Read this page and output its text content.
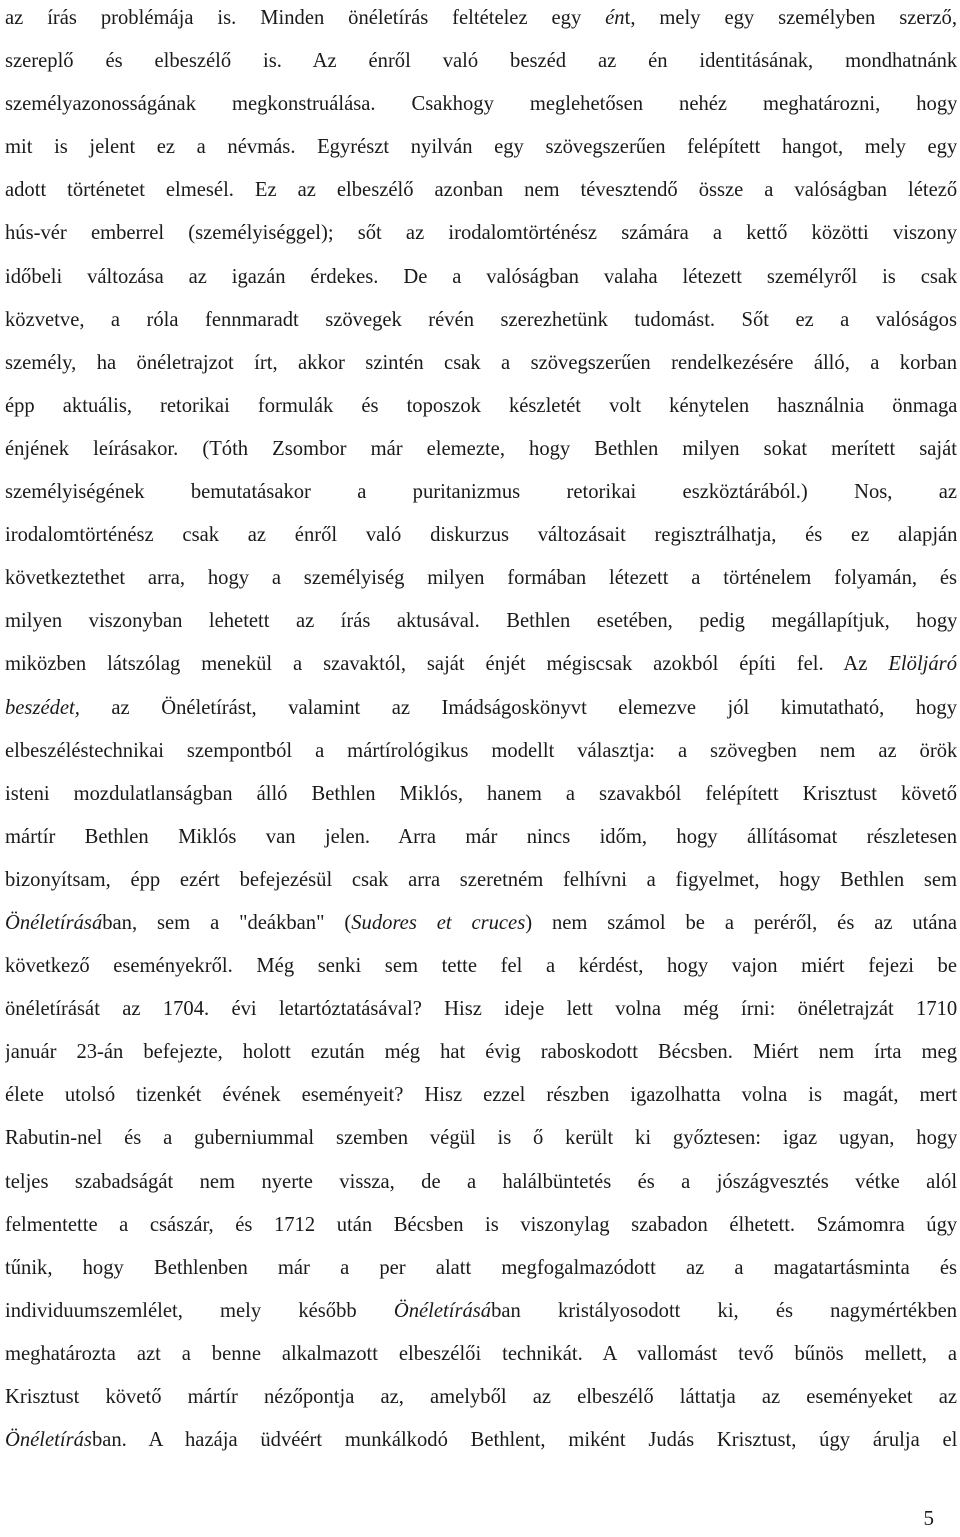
az írás problémája is. Minden önéletírás feltételez egy ént, mely egy személyben szerző,
szereplő és elbeszélő is. Az énről való beszéd az én identitásának, mondhatnánk
személyazonosságának megkonstruálása. Csakhogy meglehetősen nehéz meghatározni, hogy
mit is jelent ez a névmás. Egyrészt nyilván egy szövegszerűen felépített hangot, mely egy
adott történetet elmesél. Ez az elbeszélő azonban nem tévesztendő össze a valóságban létező
hús-vér emberrel (személyiséggel); sőt az irodalomtörténész számára a kettő közötti viszony
időbeli változása az igazán érdekes. De a valóságban valaha létezett személyről is csak
közvetve, a róla fennmaradt szövegek révén szerezhetünk tudomást. Sőt ez a valóságos
személy, ha önéletrajzot írt, akkor szintén csak a szövegszerűen rendelkezésére álló, a korban
épp aktuális, retorikai formulák és toposzok készletét volt kénytelen használnia önmaga
énjének leírásakor. (Tóth Zsombor már elemezte, hogy Bethlen milyen sokat merített saját
személyiségének bemutatásakor a puritanizmus retorikai eszköztárából.) Nos, az
irodalomtörténész csak az énről való diskurzus változásait regisztrálhatja, és ez alapján
következtethet arra, hogy a személyiség milyen formában létezett a történelem folyamán, és
milyen viszonyban lehetett az írás aktusával. Bethlen esetében, pedig megállapítjuk, hogy
miközben látszólag menekül a szavaktól, saját énjét mégiscsak azokból építi fel. Az Elöljáró
beszédet, az Önéletírást, valamint az Imádságoskönyvt elemezve jól kimutatható, hogy
elbeszéléstechnikai szempontból a mártírológikus modellt választja: a szövegben nem az örök
isteni mozdulatlanságban álló Bethlen Miklós, hanem a szavakból felépített Krisztust követő
mártír Bethlen Miklós van jelen. Arra már nincs időm, hogy állításomat részletesen
bizonyítsam, épp ezért befejezésül csak arra szeretném felhívni a figyelmet, hogy Bethlen sem
Önéletírásában, sem a "deákban" (Sudores et cruces) nem számol be a peréről, és az utána
következő eseményekről. Még senki sem tette fel a kérdést, hogy vajon miért fejezi be
önéletírását az 1704. évi letartóztatásával? Hisz ideje lett volna még írni: önéletrajzát 1710
január 23-án befejezte, holott ezután még hat évig raboskodott Bécsben. Miért nem írta meg
élete utolsó tizenkét évének eseményeit? Hisz ezzel részben igazolhatta volna is magát, mert
Rabutin-nel és a guberniummal szemben végül is ő került ki győztesen: igaz ugyan, hogy
teljes szabadságát nem nyerte vissza, de a halálbüntetés és a jószágvesztés vétke alól
felmentette a császár, és 1712 után Bécsben is viszonylag szabadon élhetett. Számomra úgy
tűnik, hogy Bethlenben már a per alatt megfogalmazódott az a magatartásminta és
individuumszemlélet, mely később Önéletírásában kristályosodott ki, és nagymértékben
meghatározta azt a benne alkalmazott elbeszélői technikát. A vallomást tevő bűnös mellett, a
Krisztust követő mártír nézőpontja az, amelyből az elbeszélő láttatja az eseményeket az
Önéletírásban. A hazája üdvéért munkálkodó Bethlent, miként Judás Krisztust, úgy árulja el
5
